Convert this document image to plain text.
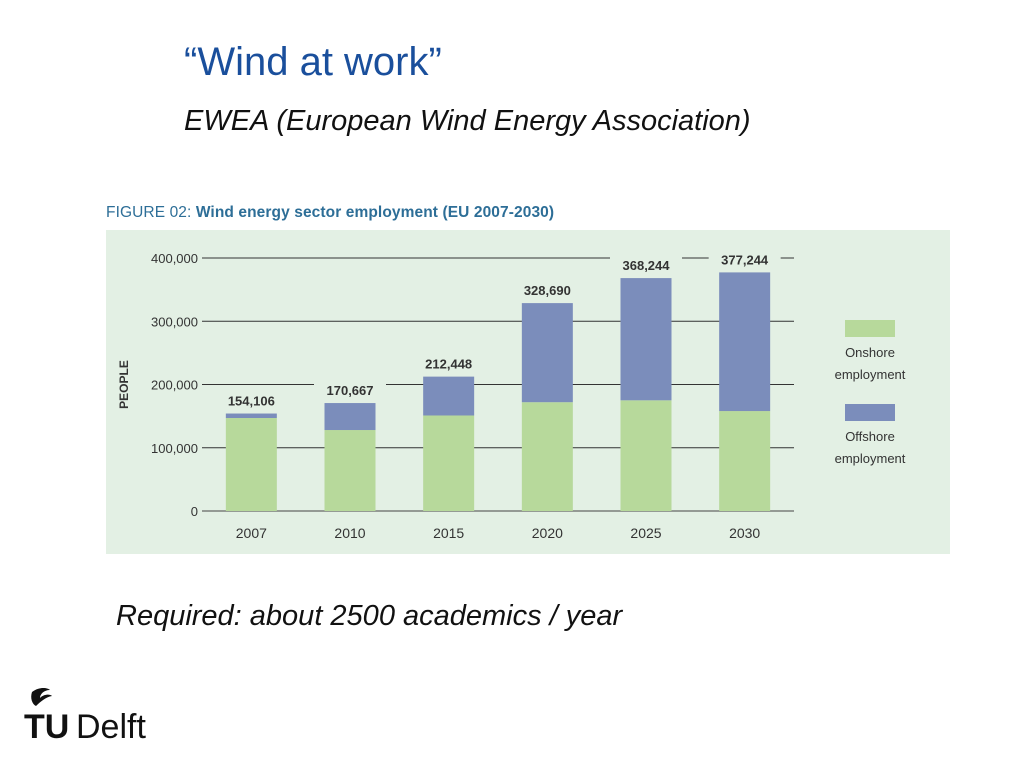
“Wind at work”
EWEA (European Wind Energy Association)
FIGURE 02: Wind energy sector employment (EU 2007-2030)
0
100,000
200,000
300,000
400,000
PEOPLE	154,106
2007
170,667
2010
212,448
2015
328,690
2020
368,244
2025
377,244
2030
Onshore
employment
Offshore
employment
Required: about 2500 academics / year
TU Delft
